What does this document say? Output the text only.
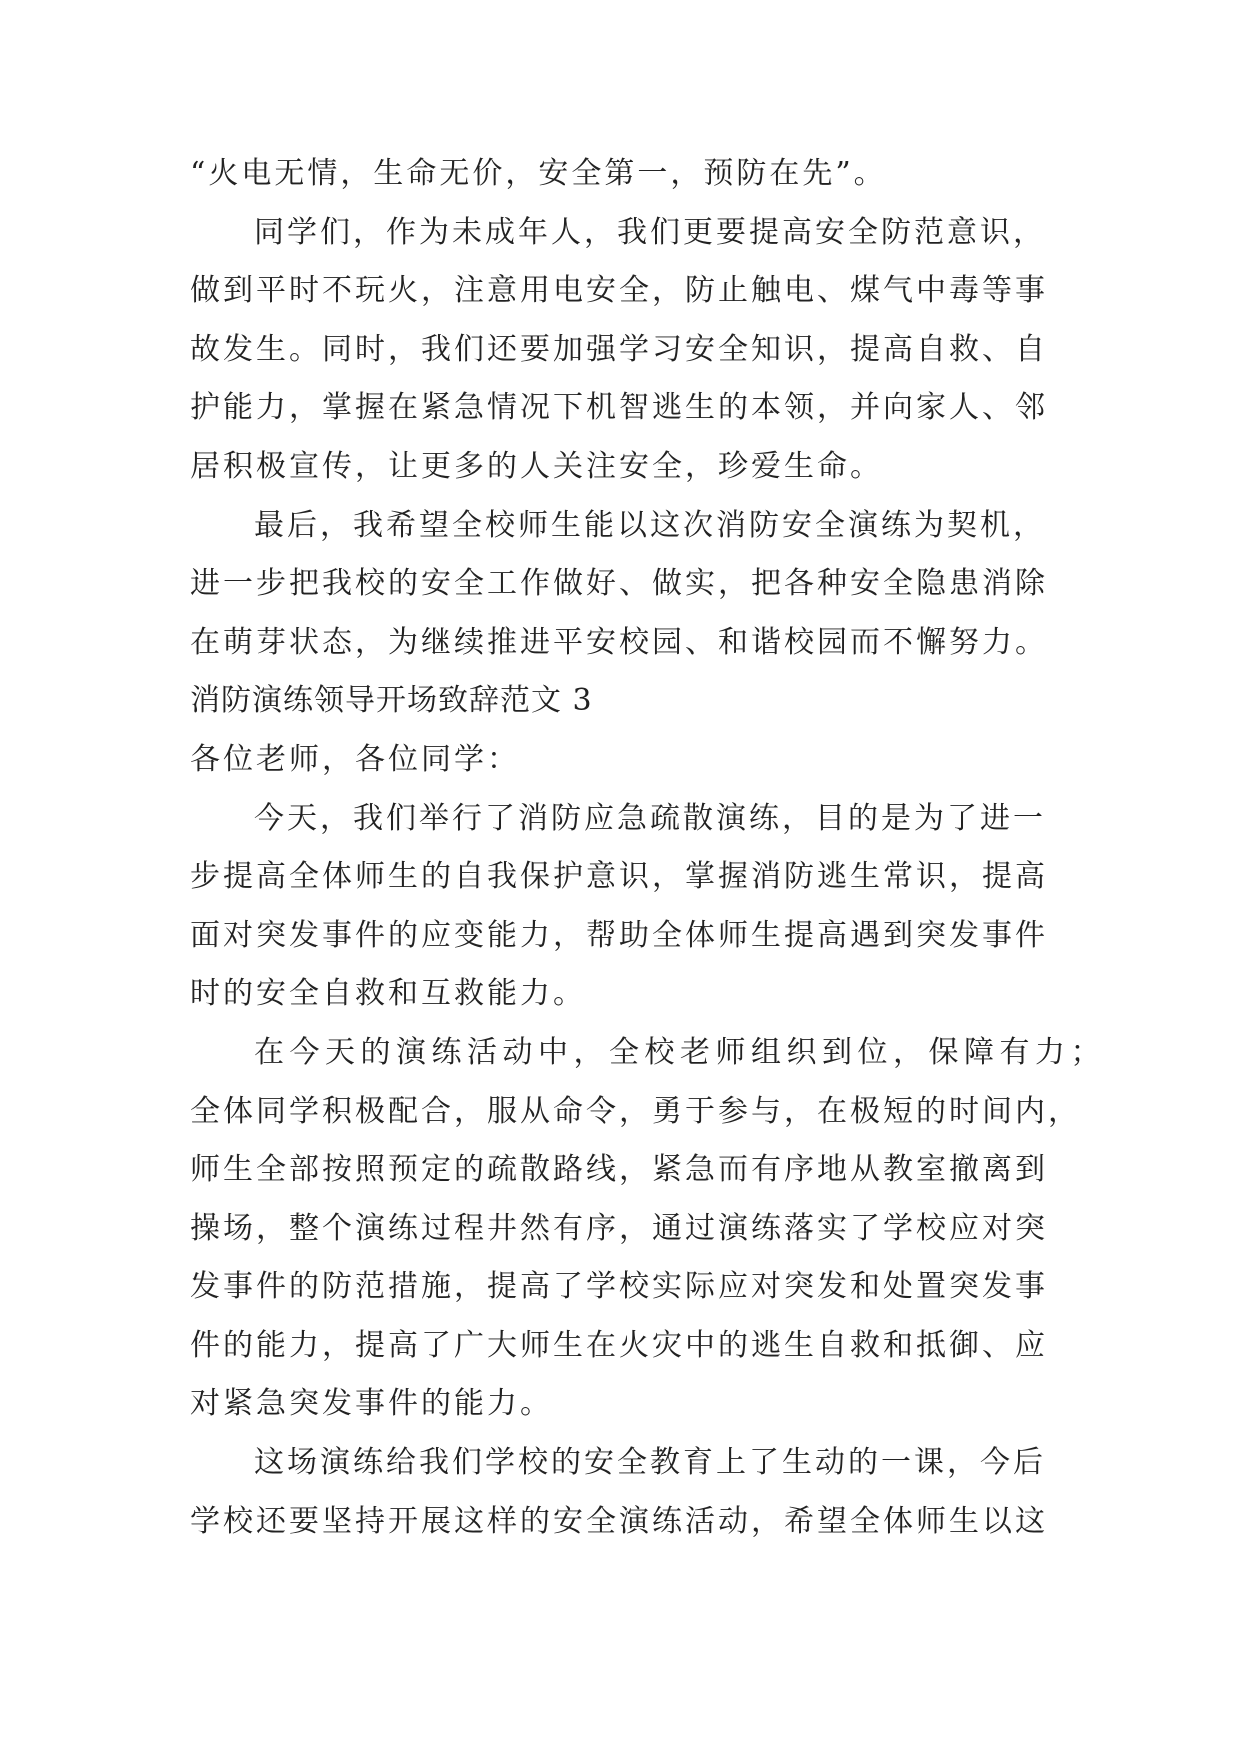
“火电无情，生命无价，安全第一，预防在先”。
同学们，作为未成年人，我们更要提高安全防范意识，
做到平时不玩火，注意用电安全，防止触电、煤气中毒等事
故发生。同时，我们还要加强学习安全知识，提高自救、自
护能力，掌握在紧急情况下机智逃生的本领，并向家人、邻
居积极宣传，让更多的人关注安全，珍爱生命。
最后，我希望全校师生能以这次消防安全演练为契机，
进一步把我校的安全工作做好、做实，把各种安全隐患消除
在萌芽状态，为继续推进平安校园、和谐校园而不懈努力。
消防演练领导开场致辞范文 3
各位老师，各位同学：
今天，我们举行了消防应急疏散演练，目的是为了进一
步提高全体师生的自我保护意识，掌握消防逃生常识，提高
面对突发事件的应变能力，帮助全体师生提高遇到突发事件
时的安全自救和互救能力。
在今天的演练活动中，全校老师组织到位，保障有力；
全体同学积极配合，服从命令，勇于参与，在极短的时间内，
师生全部按照预定的疏散路线，紧急而有序地从教室撤离到
操场，整个演练过程井然有序，通过演练落实了学校应对突
发事件的防范措施，提高了学校实际应对突发和处置突发事
件的能力，提高了广大师生在火灾中的逃生自救和抵御、应
对紧急突发事件的能力。
这场演练给我们学校的安全教育上了生动的一课，今后
学校还要坚持开展这样的安全演练活动，希望全体师生以这
